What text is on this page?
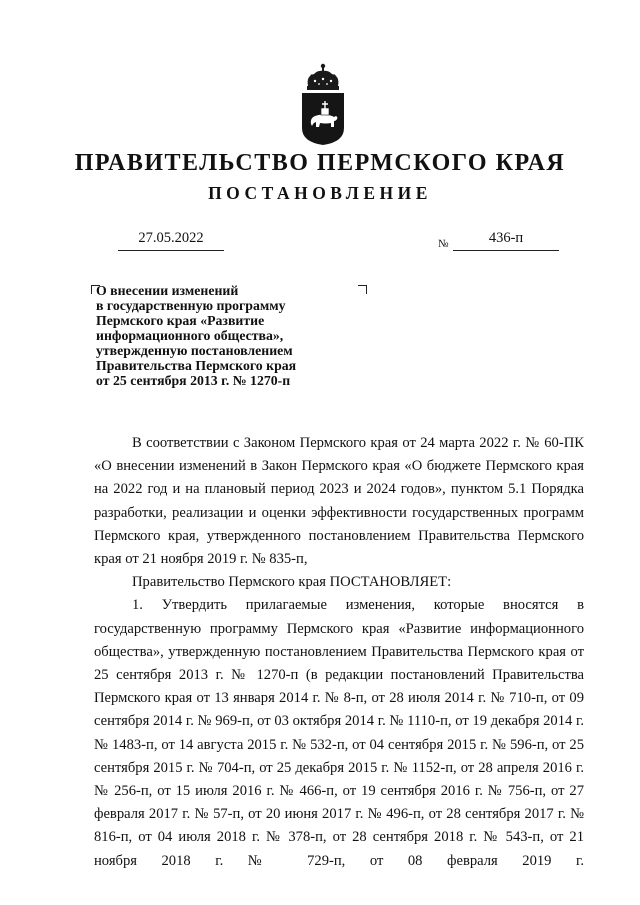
ПРАВИТЕЛЬСТВО ПЕРМСКОГО КРАЯ
ПОСТАНОВЛЕНИЕ
27.05.2022	№	436-п
О внесении изменений
в государственную программу
Пермского края «Развитие
информационного общества»,
утвержденную постановлением
Правительства Пермского края
от 25 сентября 2013 г. № 1270-п

В соответствии с Законом Пермского края от 24 марта 2022 г. № 60-ПК «О внесении изменений в Закон Пермского края «О бюджете Пермского края на 2022 год и на плановый период 2023 и 2024 годов», пунктом 5.1 Порядка разработки, реализации и оценки эффективности государственных программ Пермского края, утвержденного постановлением Правительства Пермского края от 21 ноября 2019 г. № 835-п,

Правительство Пермского края ПОСТАНОВЛЯЕТ:

1. Утвердить прилагаемые изменения, которые вносятся в государственную программу Пермского края «Развитие информационного общества», утвержденную постановлением Правительства Пермского края от 25 сентября 2013 г. № 1270-п (в редакции постановлений Правительства Пермского края от 13 января 2014 г. № 8-п, от 28 июля 2014 г. № 710-п, от 09 сентября 2014 г. № 969-п, от 03 октября 2014 г. № 1110-п, от 19 декабря 2014 г. № 1483-п, от 14 августа 2015 г. № 532-п, от 04 сентября 2015 г. № 596-п, от 25 сентября 2015 г. № 704-п, от 25 декабря 2015 г. № 1152-п, от 28 апреля 2016 г. № 256-п, от 15 июля 2016 г. № 466-п, от 19 сентября 2016 г. № 756-п, от 27 февраля 2017 г. № 57-п, от 20 июня 2017 г. № 496-п, от 28 сентября 2017 г. № 816-п, от 04 июля 2018 г. № 378-п, от 28 сентября 2018 г. № 543-п, от 21 ноября 2018 г. № 729-п, от 08 февраля 2019 г.
